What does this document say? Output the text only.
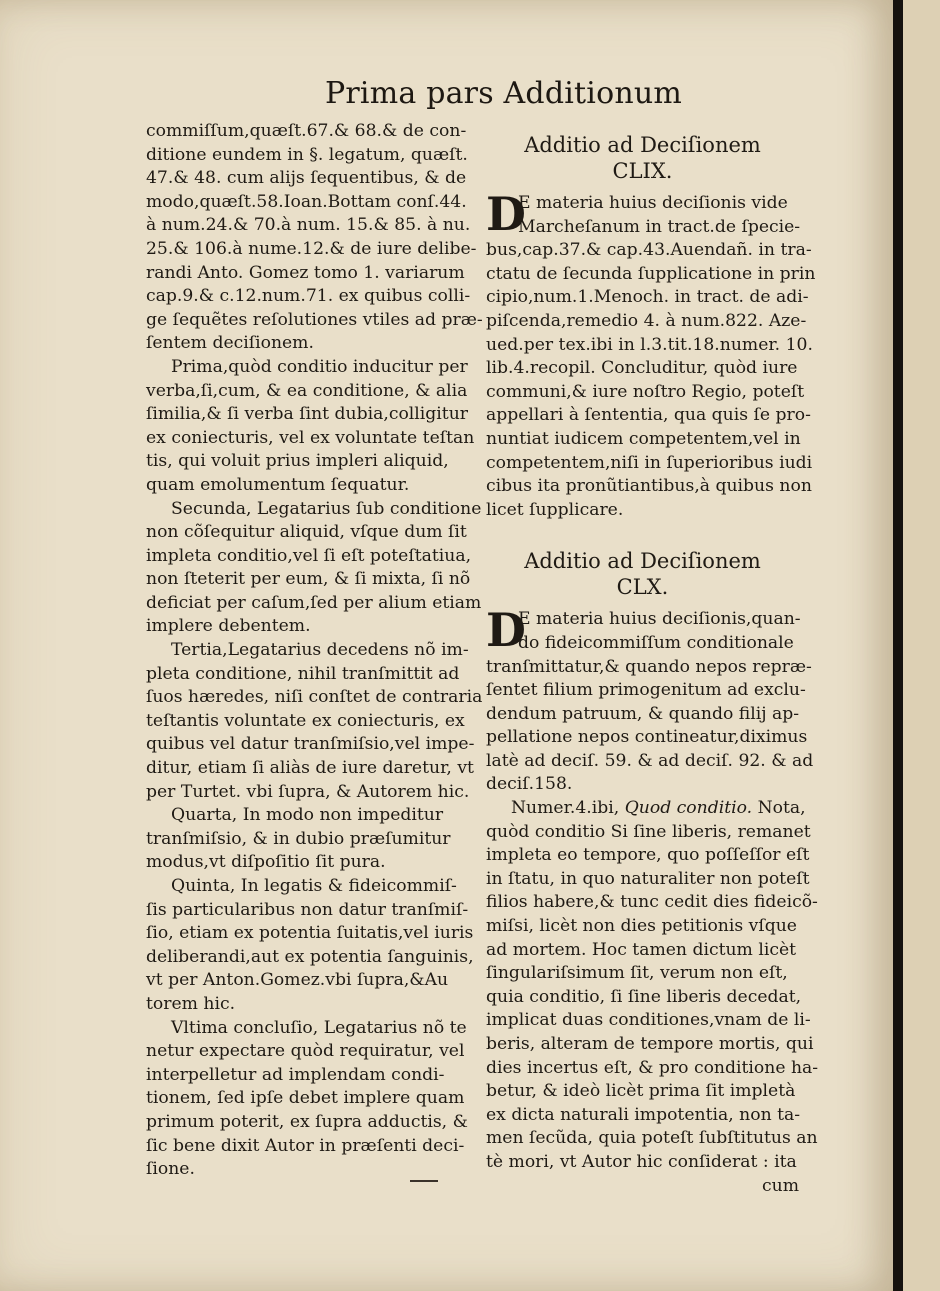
Prima pars Additionum
commiſſum,quæſt.67.& 68.& de con-
ditione eundem in §. legatum, quæſt.
47.& 48. cum alijs ſequentibus, & de
modo,quæſt.58.Ioan.Bottam conſ.44.
à num.24.& 70.à num. 15.& 85. à nu.
25.& 106.à nume.12.& de iure delibe-
randi Anto. Gomez tomo 1. variarum
cap.9.& c.12.num.71. ex quibus colli-
ge ſequẽtes reſolutiones vtiles ad præ-
ſentem deciſionem.
Prima,quòd conditio inducitur per
verba,ſi,cum, & ea conditione, & alia
ſimilia,& ſi verba ſint dubia,colligitur
ex coniecturis, vel ex voluntate teſtan
tis, qui voluit prius impleri aliquid,
quam emolumentum ſequatur.
Secunda, Legatarius ſub conditione
non cõſequitur aliquid, vſque dum ſit
impleta conditio,vel ſi eſt poteſtatiua,
non ſteterit per eum, & ſi mixta, ſi nõ
deficiat per caſum,ſed per alium etiam
implere debentem.
Tertia,Legatarius decedens nõ im-
pleta conditione, nihil tranſmittit ad
ſuos hæredes, niſi conſtet de contraria
teſtantis voluntate ex coniecturis, ex
quibus vel datur tranſmiſsio,vel impe-
ditur, etiam ſi aliàs de iure daretur, vt
per Turtet. vbi ſupra, & Autorem hic.
Quarta, In modo non impeditur
tranſmiſsio, & in dubio præſumitur
modus,vt diſpoſitio ſit pura.
Quinta, In legatis & fideicommiſ-
ſis particularibus non datur tranſmiſ-
ſio, etiam ex potentia ſuitatis,vel iuris
deliberandi,aut ex potentia ſanguinis,
vt per Anton.Gomez.vbi ſupra,&Au
torem hic.
Vltima concluſio, Legatarius nõ te
netur expectare quòd requiratur, vel
interpelletur ad implendam condi-
tionem, ſed ipſe debet implere quam
primum poterit, ex ſupra adductis, &
ſic bene dixit Autor in præſenti deci-
ſione.
Additio ad Deciſionem
CLIX.
D
E materia huius deciſionis vide
Marcheſanum in tract.de ſpecie-
bus,cap.37.& cap.43.Auendañ. in tra-
ctatu de ſecunda ſupplicatione in prin
cipio,num.1.Menoch. in tract. de adi-
piſcenda,remedio 4. à num.822. Aze-
ued.per tex.ibi in l.3.tit.18.numer. 10.
lib.4.recopil. Concluditur, quòd iure
communi,& iure noſtro Regio, poteſt
appellari à ſententia, qua quis ſe pro-
nuntiat iudicem competentem,vel in
competentem,niſi in ſuperioribus iudi
cibus ita pronũtiantibus,à quibus non
licet ſupplicare.
Additio ad Deciſionem
CLX.
D
E materia huius deciſionis,quan-
do fideicommiſſum conditionale
tranſmittatur,& quando nepos repræ-
ſentet filium primogenitum ad exclu-
dendum patruum, & quando filij ap-
pellatione nepos contineatur,diximus
latè ad deciſ. 59. & ad deciſ. 92. & ad
deciſ.158.
Numer.4.ibi, Quod conditio. Nota,
quòd conditio Si ſine liberis, remanet
impleta eo tempore, quo poſſeſſor eſt
in ſtatu, in quo naturaliter non poteſt
filios habere,& tunc cedit dies fideicõ-
miſsi, licèt non dies petitionis vſque
ad mortem. Hoc tamen dictum licèt
ſingulariſsimum ſit, verum non eſt,
quia conditio, ſi ſine liberis decedat,
implicat duas conditiones,vnam de li-
beris, alteram de tempore mortis, qui
dies incertus eſt, & pro conditione ha-
betur, & ideò licèt prima ſit impletà
ex dicta naturali impotentia, non ta-
men ſecũda, quia poteſt ſubſtitutus an
tè mori, vt Autor hic conſiderat : ita
cum
